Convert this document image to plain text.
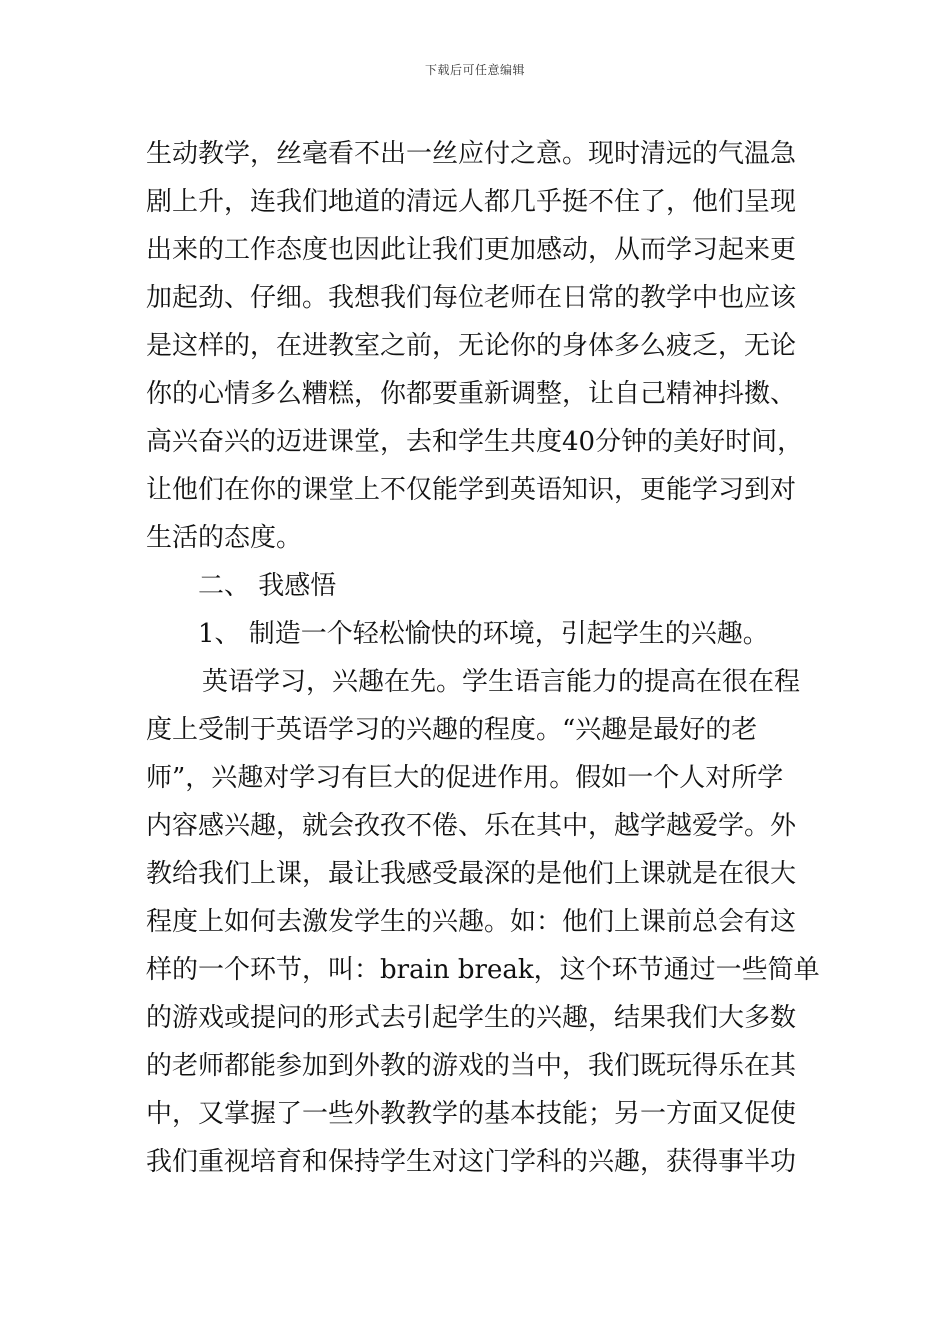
下载后可任意编辑
生动教学，丝毫看不出一丝应付之意。现时清远的气温急
剧上升，连我们地道的清远人都几乎挺不住了，他们呈现
出来的工作态度也因此让我们更加感动，从而学习起来更
加起劲、仔细。我想我们每位老师在日常的教学中也应该
是这样的，在进教室之前，无论你的身体多么疲乏，无论
你的心情多么糟糕，你都要重新调整，让自己精神抖擞、
高兴奋兴的迈进课堂，去和学生共度40分钟的美好时间，
让他们在你的课堂上不仅能学到英语知识，更能学习到对
生活的态度。
二、 我感悟
1、 制造一个轻松愉快的环境，引起学生的兴趣。
英语学习，兴趣在先。学生语言能力的提高在很在程
度上受制于英语学习的兴趣的程度。“兴趣是最好的老
师”，兴趣对学习有巨大的促进作用。假如一个人对所学
内容感兴趣，就会孜孜不倦、乐在其中，越学越爱学。外
教给我们上课，最让我感受最深的是他们上课就是在很大
程度上如何去激发学生的兴趣。如：他们上课前总会有这
样的一个环节，叫：brain break，这个环节通过一些简单
的游戏或提问的形式去引起学生的兴趣，结果我们大多数
的老师都能参加到外教的游戏的当中，我们既玩得乐在其
中，又掌握了一些外教教学的基本技能；另一方面又促使
我们重视培育和保持学生对这门学科的兴趣，获得事半功
